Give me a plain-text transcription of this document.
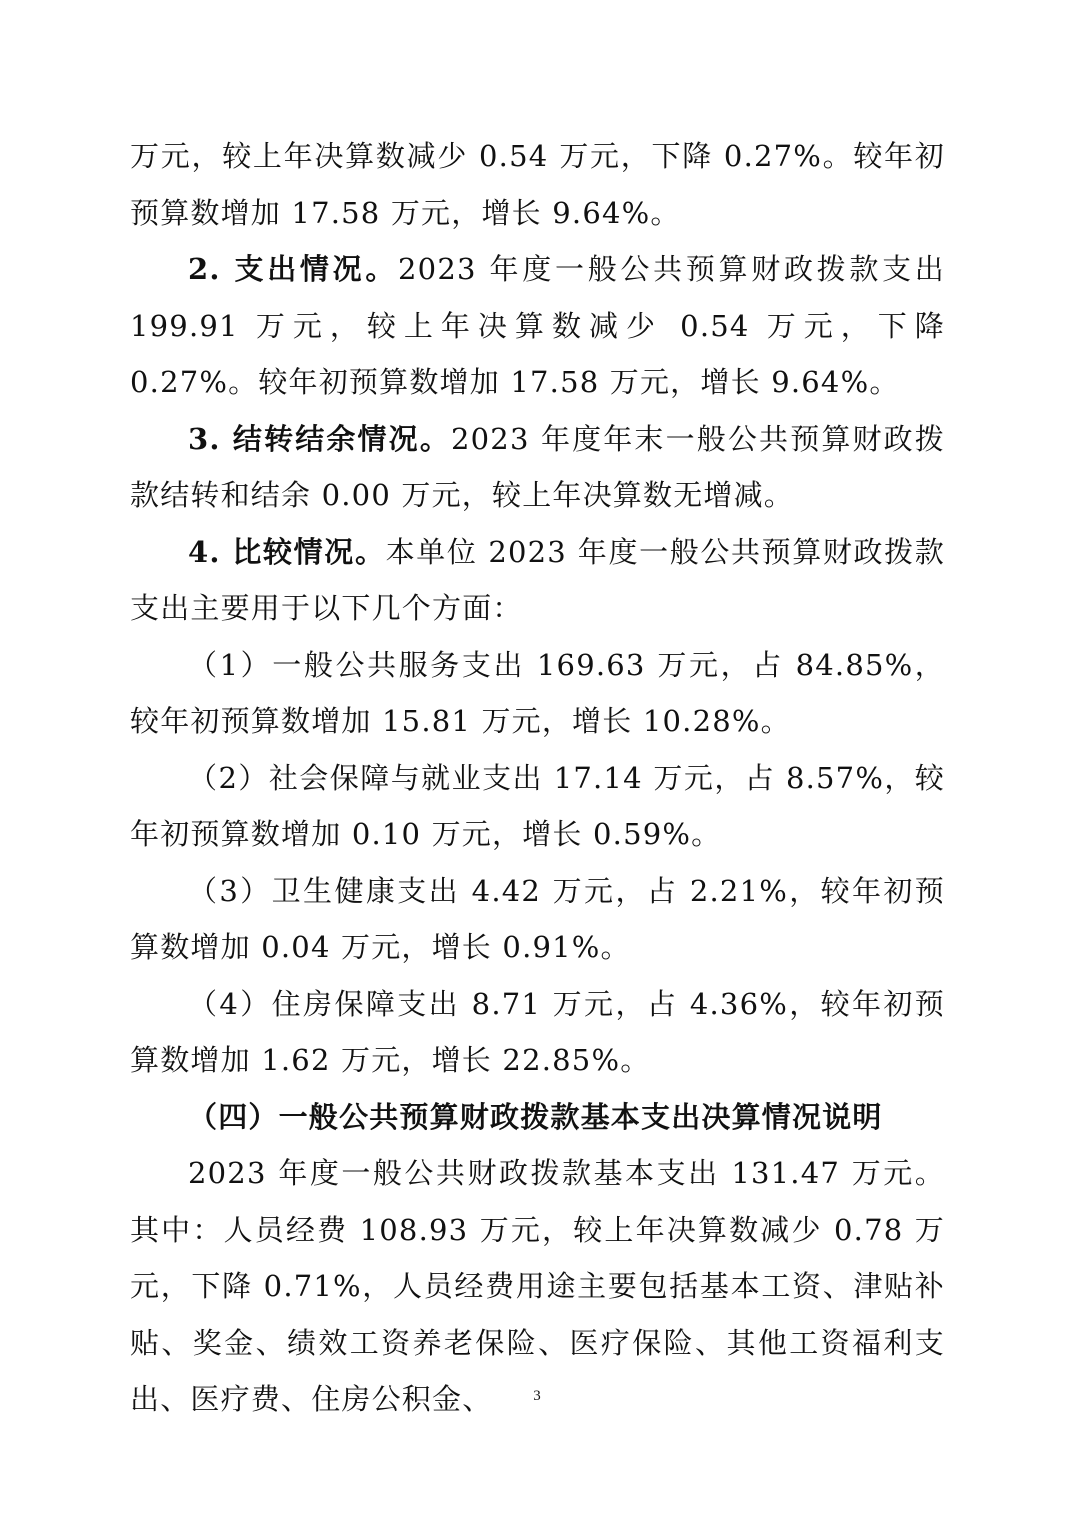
万元，较上年决算数减少 0.54 万元，下降 0.27%。较年初预算数增加 17.58 万元，增长 9.64%。

2. 支出情况。2023 年度一般公共预算财政拨款支出 199.91 万元，较上年决算数减少 0.54 万元，下降 0.27%。较年初预算数增加 17.58 万元，增长 9.64%。

3. 结转结余情况。2023 年度年末一般公共预算财政拨款结转和结余 0.00 万元，较上年决算数无增减。

4. 比较情况。本单位 2023 年度一般公共预算财政拨款支出主要用于以下几个方面：

（1）一般公共服务支出 169.63 万元，占 84.85%，较年初预算数增加 15.81 万元，增长 10.28%。

（2）社会保障与就业支出 17.14 万元，占 8.57%，较年初预算数增加 0.10 万元，增长 0.59%。

（3）卫生健康支出 4.42 万元，占 2.21%，较年初预算数增加 0.04 万元，增长 0.91%。

（4）住房保障支出 8.71 万元，占 4.36%，较年初预算数增加 1.62 万元，增长 22.85%。

（四）一般公共预算财政拨款基本支出决算情况说明

2023 年度一般公共财政拨款基本支出 131.47 万元。其中：人员经费 108.93 万元，较上年决算数减少 0.78 万元，下降 0.71%，人员经费用途主要包括基本工资、津贴补 贴、奖金、绩效工资养老保险、医疗保险、其他工资福利支出、医疗费、住房公积金、	3
